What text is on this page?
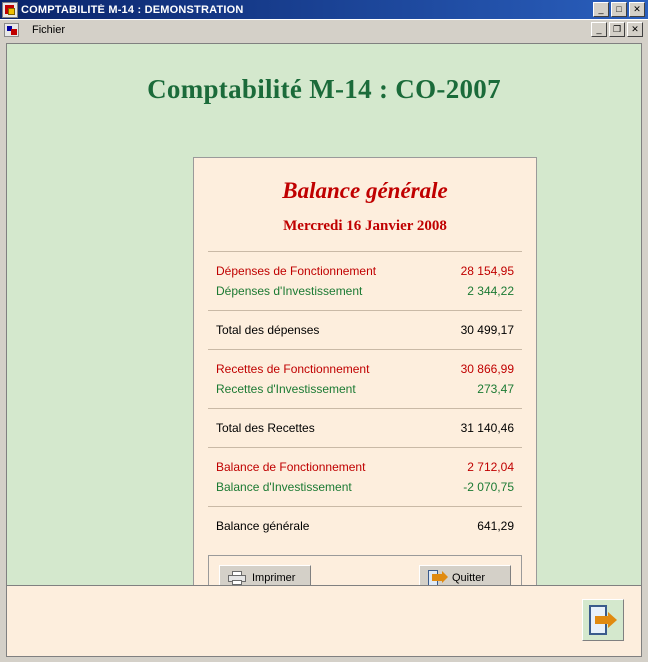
COMPTABILITÉ M-14 : DEMONSTRATION	_	□	✕
Fichier	_	❐	✕
Comptabilité M-14 : CO-2007
Balance générale
Mercredi 16 Janvier 2008
Dépenses de Fonctionnement	28 154,95
Dépenses d'Investissement	2 344,22
Total des dépenses	30 499,17
Recettes de Fonctionnement	30 866,99
Recettes d'Investissement	273,47
Total des Recettes	31 140,46
Balance de Fonctionnement	2 712,04
Balance d'Investissement	-2 070,75
Balance générale	641,29
Imprimer	Quitter
